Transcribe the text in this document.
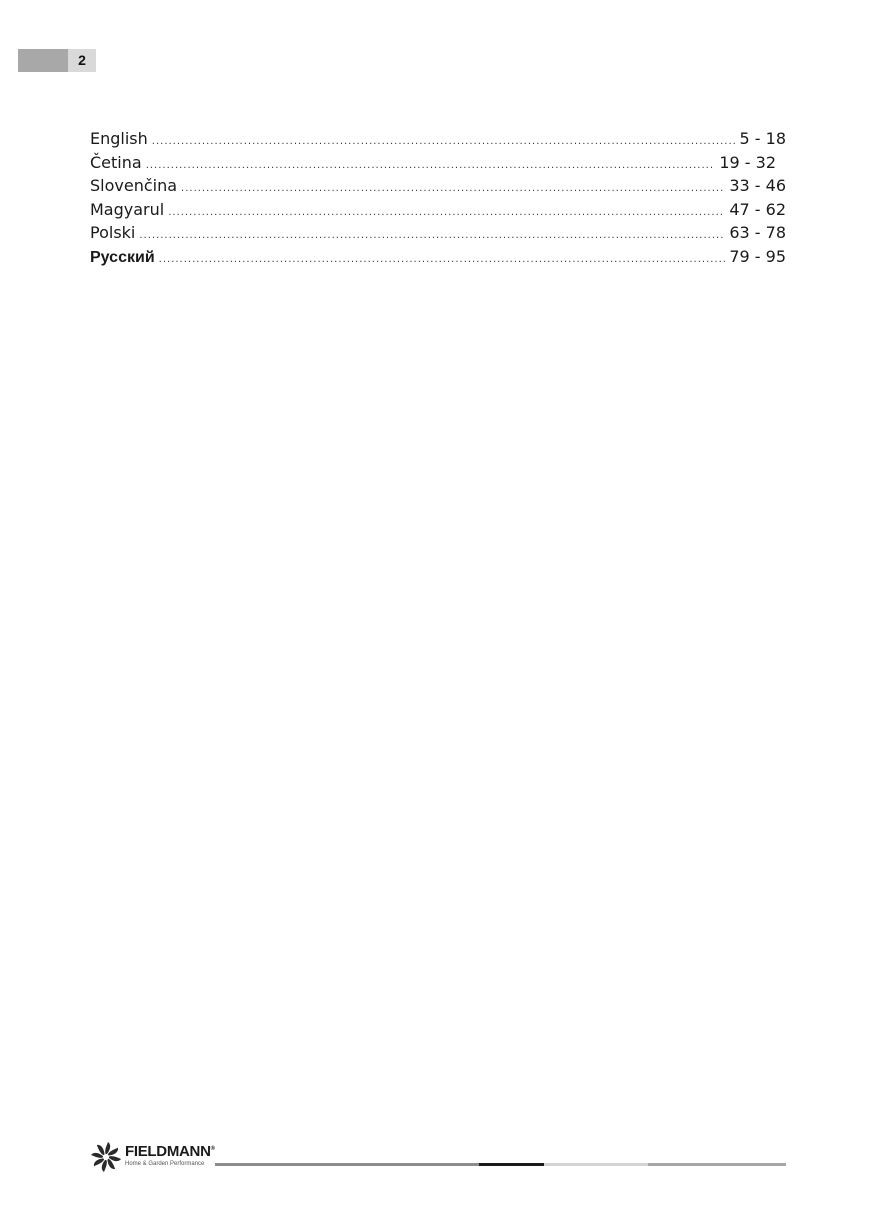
2
English .....	5 - 18
Četina .....	19 - 32
Slovenčina .....	33 - 46
Magyarul .....	47 - 62
Polski .....	63 - 78
Русский .....	79 - 95
FIELDMANN®
Home & Garden Performance
